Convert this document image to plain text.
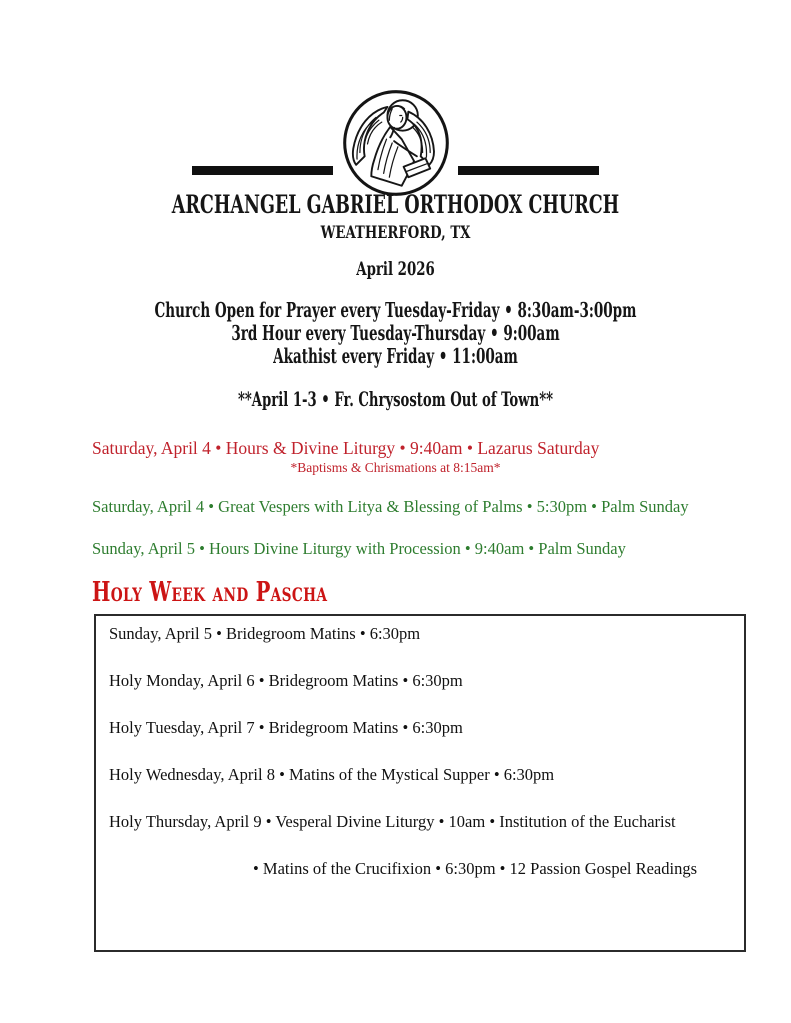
ARCHANGEL GABRIEL ORTHODOX CHURCH
WEATHERFORD, TX
April 2026
Church Open for Prayer every Tuesday-Friday • 8:30am-3:00pm
3rd Hour every Tuesday-Thursday • 9:00am
Akathist every Friday • 11:00am
**April 1-3 • Fr. Chrysostom Out of Town**
Saturday, April 4 • Hours & Divine Liturgy • 9:40am • Lazarus Saturday
*Baptisms & Chrismations at 8:15am*
Saturday, April 4 • Great Vespers with Litya & Blessing of Palms • 5:30pm • Palm Sunday
Sunday, April 5 • Hours Divine Liturgy with Procession • 9:40am • Palm Sunday
Holy Week and Pascha

Sunday, April 5 • Bridegroom Matins • 6:30pm

Holy Monday, April 6 • Bridegroom Matins • 6:30pm

Holy Tuesday, April 7 • Bridegroom Matins • 6:30pm

Holy Wednesday, April 8 • Matins of the Mystical Supper • 6:30pm

Holy Thursday, April 9 • Vesperal Divine Liturgy • 10am • Institution of the Eucharist

• Matins of the Crucifixion • 6:30pm • 12 Passion Gospel Readings
